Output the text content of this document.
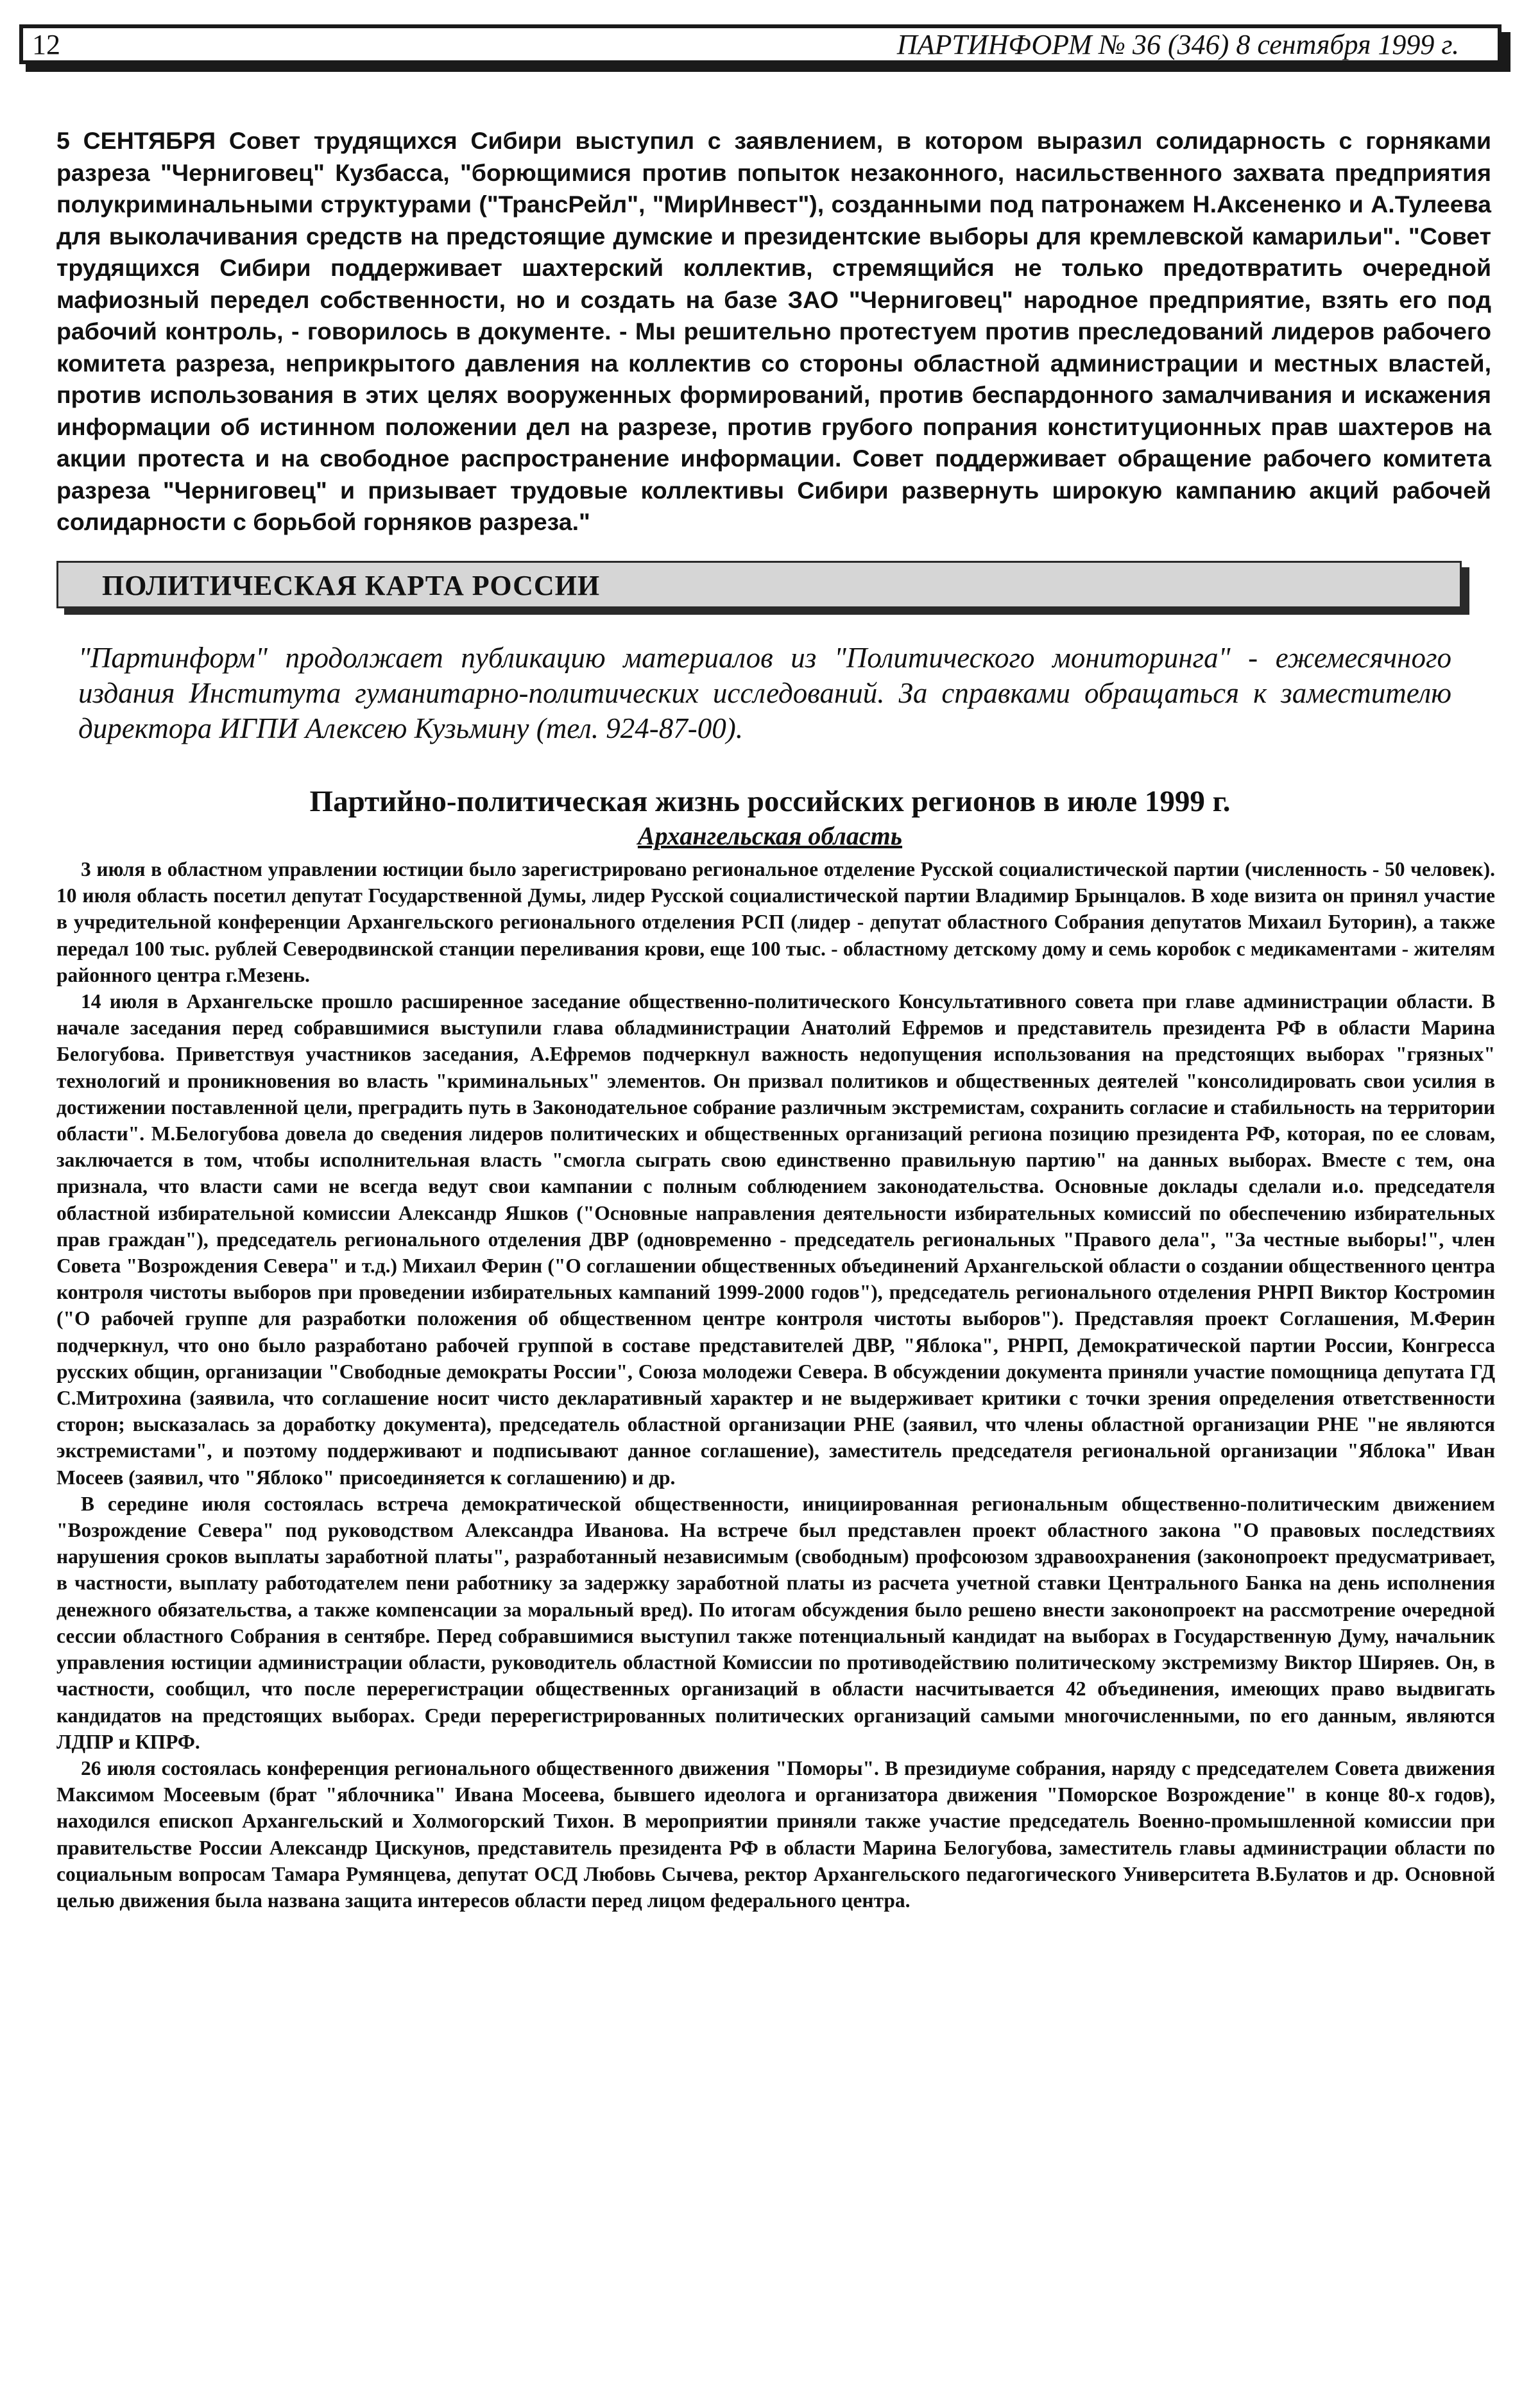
12	ПАРТИНФОРМ № 36 (346) 8 сентября 1999 г.

5 СЕНТЯБРЯ Совет трудящихся Сибири выступил с заявлением, в котором выразил солидарность с горняками разреза "Черниговец" Кузбасса, "борющимися против попыток незаконного, насильственного захвата предприятия полукриминальными структурами ("ТрансРейл", "МирИнвест"), созданными под патронажем Н.Аксененко и А.Тулеева для выколачивания средств на предстоящие думские и президентские выборы для кремлевской камарильи". "Совет трудящихся Сибири поддерживает шахтерский коллектив, стремящийся не только предотвратить очередной мафиозный передел собственности, но и создать на базе ЗАО "Черниговец" народное предприятие, взять его под рабочий контроль, - говорилось в документе. - Мы решительно протестуем против преследований лидеров рабочего комитета разреза, неприкрытого давления на коллектив со стороны областной администрации и местных властей, против использования в этих целях вооруженных формирований, против беспардонного замалчивания и искажения информации об истинном положении дел на разрезе, против грубого попрания конституционных прав шахтеров на акции протеста и на свободное распространение информации. Совет поддерживает обращение рабочего комитета разреза "Черниговец" и призывает трудовые коллективы Сибири развернуть широкую кампанию акций рабочей солидарности с борьбой горняков разреза."

ПОЛИТИЧЕСКАЯ КАРТА РОССИИ

"Партинформ" продолжает публикацию материалов из "Политического мониторинга" - ежемесячного издания Института гуманитарно-политических исследований. За справками обращаться к заместителю директора ИГПИ Алексею Кузьмину (тел. 924-87-00).

Партийно-политическая жизнь российских регионов в июле 1999 г.
Архангельская область

3 июля в областном управлении юстиции было зарегистрировано региональное отделение Русской социалистической партии (численность - 50 человек). 10 июля область посетил депутат Государственной Думы, лидер Русской социалистической партии Владимир Брынцалов. В ходе визита он принял участие в учредительной конференции Архангельского регионального отделения РСП (лидер - депутат областного Собрания депутатов Михаил Буторин), а также передал 100 тыс. рублей Северодвинской станции переливания крови, еще 100 тыс. - областному детскому дому и семь коробок с медикаментами - жителям районного центра г.Мезень.

14 июля в Архангельске прошло расширенное заседание общественно-политического Консультативного совета при главе администрации области. В начале заседания перед собравшимися выступили глава обладминистрации Анатолий Ефремов и представитель президента РФ в области Марина Белогубова. Приветствуя участников заседания, А.Ефремов подчеркнул важность недопущения использования на предстоящих выборах "грязных" технологий и проникновения во власть "криминальных" элементов. Он призвал политиков и общественных деятелей "консолидировать свои усилия в достижении поставленной цели, преградить путь в Законодательное собрание различным экстремистам, сохранить согласие и стабильность на территории области". М.Белогубова довела до сведения лидеров политических и общественных организаций региона позицию президента РФ, которая, по ее словам, заключается в том, чтобы исполнительная власть "смогла сыграть свою единственно правильную партию" на данных выборах. Вместе с тем, она признала, что власти сами не всегда ведут свои кампании с полным соблюдением законодательства. Основные доклады сделали и.о. председателя областной избирательной комиссии Александр Яшков ("Основные направления деятельности избирательных комиссий по обеспечению избирательных прав граждан"), председатель регионального отделения ДВР (одновременно - председатель региональных "Правого дела", "За честные выборы!", член Совета "Возрождения Севера" и т.д.) Михаил Ферин ("О соглашении общественных объединений Архангельской области о создании общественного центра контроля чистоты выборов при проведении избирательных кампаний 1999-2000 годов"), председатель регионального отделения РНРП Виктор Костромин ("О рабочей группе для разработки положения об общественном центре контроля чистоты выборов"). Представляя проект Соглашения, М.Ферин подчеркнул, что оно было разработано рабочей группой в составе представителей ДВР, "Яблока", РНРП, Демократической партии России, Конгресса русских общин, организации "Свободные демократы России", Союза молодежи Севера. В обсуждении документа приняли участие помощница депутата ГД С.Митрохина (заявила, что соглашение носит чисто декларативный характер и не выдерживает критики с точки зрения определения ответственности сторон; высказалась за доработку документа), председатель областной организации РНЕ (заявил, что члены областной организации РНЕ "не являются экстремистами", и поэтому поддерживают и подписывают данное соглашение), заместитель председателя региональной организации "Яблока" Иван Мосеев (заявил, что "Яблоко" присоединяется к соглашению) и др.

В середине июля состоялась встреча демократической общественности, инициированная региональным общественно-политическим движением "Возрождение Севера" под руководством Александра Иванова. На встрече был представлен проект областного закона "О правовых последствиях нарушения сроков выплаты заработной платы", разработанный независимым (свободным) профсоюзом здравоохранения (законопроект предусматривает, в частности, выплату работодателем пени работнику за задержку заработной платы из расчета учетной ставки Центрального Банка на день исполнения денежного обязательства, а также компенсации за моральный вред). По итогам обсуждения было решено внести законопроект на рассмотрение очередной сессии областного Собрания в сентябре. Перед собравшимися выступил также потенциальный кандидат на выборах в Государственную Думу, начальник управления юстиции администрации области, руководитель областной Комиссии по противодействию политическому экстремизму Виктор Ширяев. Он, в частности, сообщил, что после перерегистрации общественных организаций в области насчитывается 42 объединения, имеющих право выдвигать кандидатов на предстоящих выборах. Среди перерегистрированных политических организаций самыми многочисленными, по его данным, являются ЛДПР и КПРФ.

26 июля состоялась конференция регионального общественного движения "Поморы". В президиуме собрания, наряду с председателем Совета движения Максимом Мосеевым (брат "яблочника" Ивана Мосеева, бывшего идеолога и организатора движения "Поморское Возрождение" в конце 80-х годов), находился епископ Архангельский и Холмогорский Тихон. В мероприятии приняли также участие председатель Военно-промышленной комиссии при правительстве России Александр Цискунов, представитель президента РФ в области Марина Белогубова, заместитель главы администрации области по социальным вопросам Тамара Румянцева, депутат ОСД Любовь Сычева, ректор Архангельского педагогического Университета В.Булатов и др. Основной целью движения была названа защита интересов области перед лицом федерального центра.
